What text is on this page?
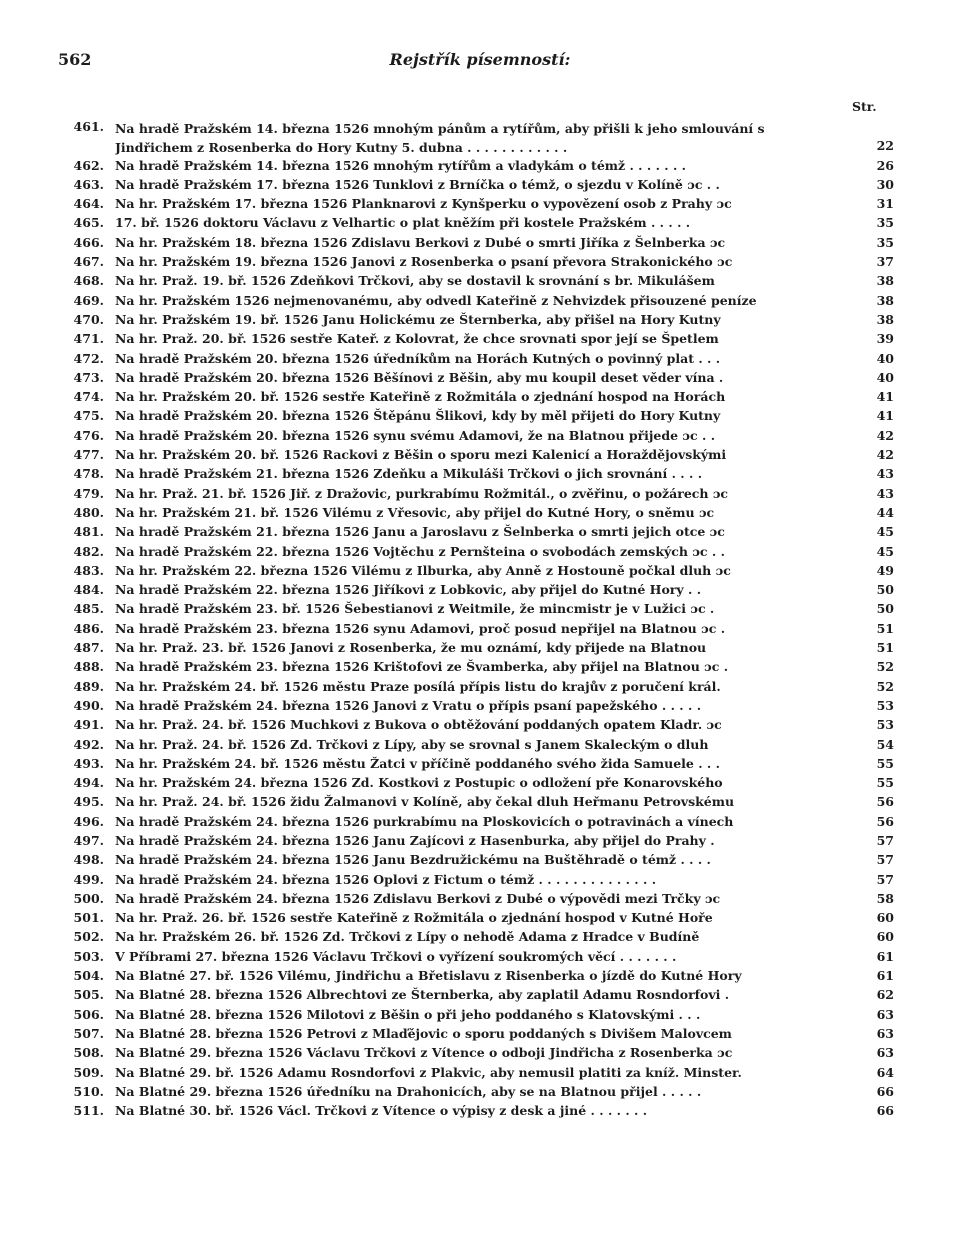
562	Rejstřík písemností:
Str.
461. Na hradě Pražském 14. března 1526 mnohým pánům a rytířům, aby přišli k jeho smlouvání s Jindřichem z Rosenberka do Hory Kutny 5. dubna . . . . . . . . . . . .	22
462. Na hradě Pražském 14. března 1526 mnohým rytířům a vladykám o témž . . . . . . .	26
463. Na hradě Pražském 17. března 1526 Tunklovi z Brníčka o témž, o sjezdu v Kolíně ɔc . .	30
464. Na hr. Pražském 17. března 1526 Planknarovi z Kynšperku o vypovězení osob z Prahy ɔc	31
465. 17. bř. 1526 doktoru Václavu z Velhartic o plat kněžím při kostele Pražském . . . . .	35
466. Na hr. Pražském 18. března 1526 Zdislavu Berkovi z Dubé o smrti Jiříka z Šelnberka ɔc	35
467. Na hr. Pražském 19. března 1526 Janovi z Rosenberka o psaní převora Strakonického ɔc	37
468. Na hr. Praž. 19. bř. 1526 Zdeňkovi Trčkovi, aby se dostavil k srovnání s br. Mikulášem	38
469. Na hr. Pražském 1526 nejmenovanému, aby odvedl Kateřině z Nehvizdek přisouzené peníze	38
470. Na hr. Pražském 19. bř. 1526 Janu Holickému ze Šternberka, aby přišel na Hory Kutny	38
471. Na hr. Praž. 20. bř. 1526 sestře Kateř. z Kolovrat, že chce srovnati spor její se Špetlem	39
472. Na hradě Pražském 20. března 1526 úředníkům na Horách Kutných o povinný plat . . .	40
473. Na hradě Pražském 20. března 1526 Běšínovi z Běšin, aby mu koupil deset věder vína .	40
474. Na hr. Pražském 20. bř. 1526 sestře Kateřině z Rožmitála o zjednání hospod na Horách	41
475. Na hradě Pražském 20. března 1526 Štěpánu Šlikovi, kdy by měl přijeti do Hory Kutny	41
476. Na hradě Pražském 20. března 1526 synu svému Adamovi, že na Blatnou přijede ɔc . .	42
477. Na hr. Pražském 20. bř. 1526 Rackovi z Běšin o sporu mezi Kalenicí a Horaždějovskými	42
478. Na hradě Pražském 21. března 1526 Zdeňku a Mikuláši Trčkovi o jich srovnání . . . .	43
479. Na hr. Praž. 21. bř. 1526 Jiř. z Dražovic, purkrabímu Rožmitál., o zvěřinu, o požárech ɔc	43
480. Na hr. Pražském 21. bř. 1526 Vilému z Vřesovic, aby přijel do Kutné Hory, o sněmu ɔc	44
481. Na hradě Pražském 21. března 1526 Janu a Jaroslavu z Šelnberka o smrti jejich otce ɔc	45
482. Na hradě Pražském 22. března 1526 Vojtěchu z Pernšteina o svobodách zemských ɔc . .	45
483. Na hr. Pražském 22. března 1526 Vilému z Ilburka, aby Anně z Hostouně počkal dluh ɔc	49
484. Na hradě Pražském 22. března 1526 Jiříkovi z Lobkovic, aby přijel do Kutné Hory . .	50
485. Na hradě Pražském 23. bř. 1526 Šebestianovi z Weitmile, že mincmistr je v Lužici ɔc .	50
486. Na hradě Pražském 23. března 1526 synu Adamovi, proč posud nepřijel na Blatnou ɔc .	51
487. Na hr. Praž. 23. bř. 1526 Janovi z Rosenberka, že mu oznámí, kdy přijede na Blatnou	51
488. Na hradě Pražském 23. března 1526 Krištofovi ze Švamberka, aby přijel na Blatnou ɔc .	52
489. Na hr. Pražském 24. bř. 1526 městu Praze posílá přípis listu do krajův z poručení král.	52
490. Na hradě Pražském 24. března 1526 Janovi z Vratu o přípis psaní papežského . . . . .	53
491. Na hr. Praž. 24. bř. 1526 Muchkovi z Bukova o obtěžování poddaných opatem Kladr. ɔc	53
492. Na hr. Praž. 24. bř. 1526 Zd. Trčkovi z Lípy, aby se srovnal s Janem Skaleckým o dluh	54
493. Na hr. Pražském 24. bř. 1526 městu Žatci v příčině poddaného svého žida Samuele . . .	55
494. Na hr. Pražském 24. března 1526 Zd. Kostkovi z Postupic o odložení pře Konarovského	55
495. Na hr. Praž. 24. bř. 1526 židu Žalmanovi v Kolíně, aby čekal dluh Heřmanu Petrovskému	56
496. Na hradě Pražském 24. března 1526 purkrabímu na Ploskovicích o potravinách a vínech	56
497. Na hradě Pražském 24. března 1526 Janu Zajícovi z Hasenburka, aby přijel do Prahy .	57
498. Na hradě Pražském 24. března 1526 Janu Bezdružickému na Buštěhradě o témž . . . .	57
499. Na hradě Pražském 24. března 1526 Oplovi z Fictum o témž . . . . . . . . . . . . . .	57
500. Na hradě Pražském 24. března 1526 Zdislavu Berkovi z Dubé o výpovědi mezi Trčky ɔc	58
501. Na hr. Praž. 26. bř. 1526 sestře Kateřině z Rožmitála o zjednání hospod v Kutné Hoře	60
502. Na hr. Pražském 26. bř. 1526 Zd. Trčkovi z Lípy o nehodě Adama z Hradce v Budíně	60
503. V Příbrami 27. března 1526 Václavu Trčkovi o vyřízení soukromých věcí . . . . . . .	61
504. Na Blatné 27. bř. 1526 Vilému, Jindřichu a Břetislavu z Risenberka o jízdě do Kutné Hory	61
505. Na Blatné 28. března 1526 Albrechtovi ze Šternberka, aby zaplatil Adamu Rosndorfovi .	62
506. Na Blatné 28. března 1526 Milotovi z Běšin o při jeho poddaného s Klatovskými . . .	63
507. Na Blatné 28. března 1526 Petrovi z Mlaďějovic o sporu poddaných s Divišem Malovcem	63
508. Na Blatné 29. března 1526 Václavu Trčkovi z Vítence o odboji Jindřicha z Rosenberka ɔc	63
509. Na Blatné 29. bř. 1526 Adamu Rosndorfovi z Plakvic, aby nemusil platiti za kníž. Minster.	64
510. Na Blatné 29. března 1526 úředníku na Drahonicích, aby se na Blatnou přijel . . . . .	66
511. Na Blatné 30. bř. 1526 Václ. Trčkovi z Vítence o výpisy z desk a jiné . . . . . . .	66
